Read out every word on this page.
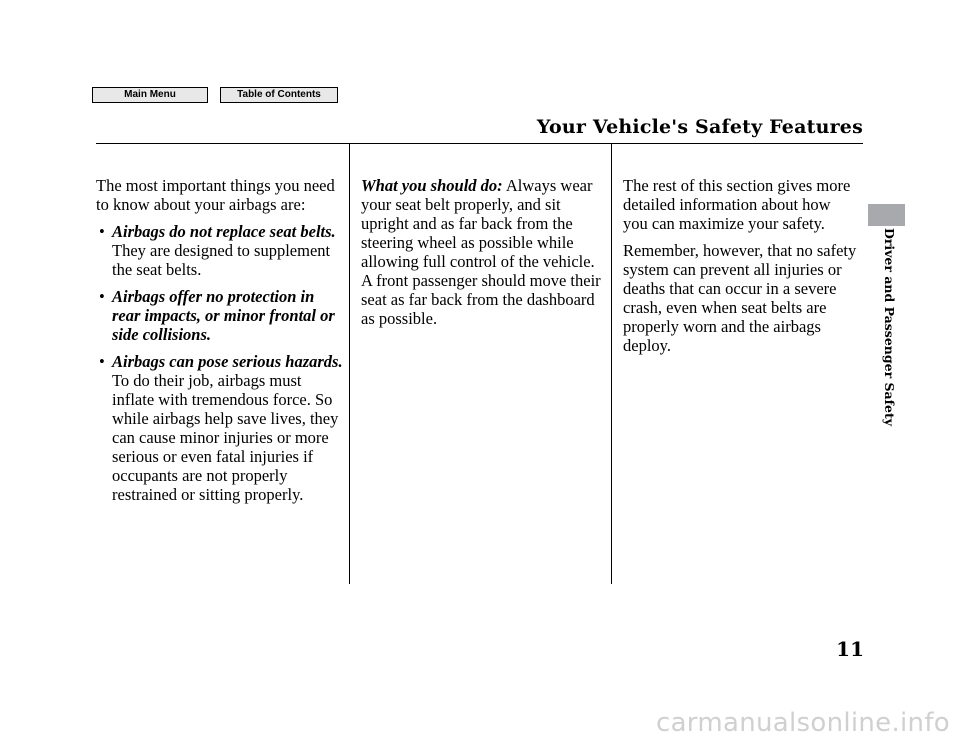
Main Menu	Table of Contents
Your Vehicle's Safety Features

The most important things you need to know about your airbags are:

• Airbags do not replace seat belts.
They are designed to supplement the seat belts.
• Airbags offer no protection in rear impacts, or minor frontal or side collisions.
• Airbags can pose serious hazards.
To do their job, airbags must inflate with tremendous force. So while airbags help save lives, they can cause minor injuries or more serious or even fatal injuries if occupants are not properly restrained or sitting properly.

What you should do: Always wear your seat belt properly, and sit upright and as far back from the steering wheel as possible while allowing full control of the vehicle. A front passenger should move their seat as far back from the dashboard as possible.

The rest of this section gives more detailed information about how you can maximize your safety.

Remember, however, that no safety system can prevent all injuries or deaths that can occur in a severe crash, even when seat belts are properly worn and the airbags deploy.	Driver and Passenger Safety
11
carmanualsonline.info
